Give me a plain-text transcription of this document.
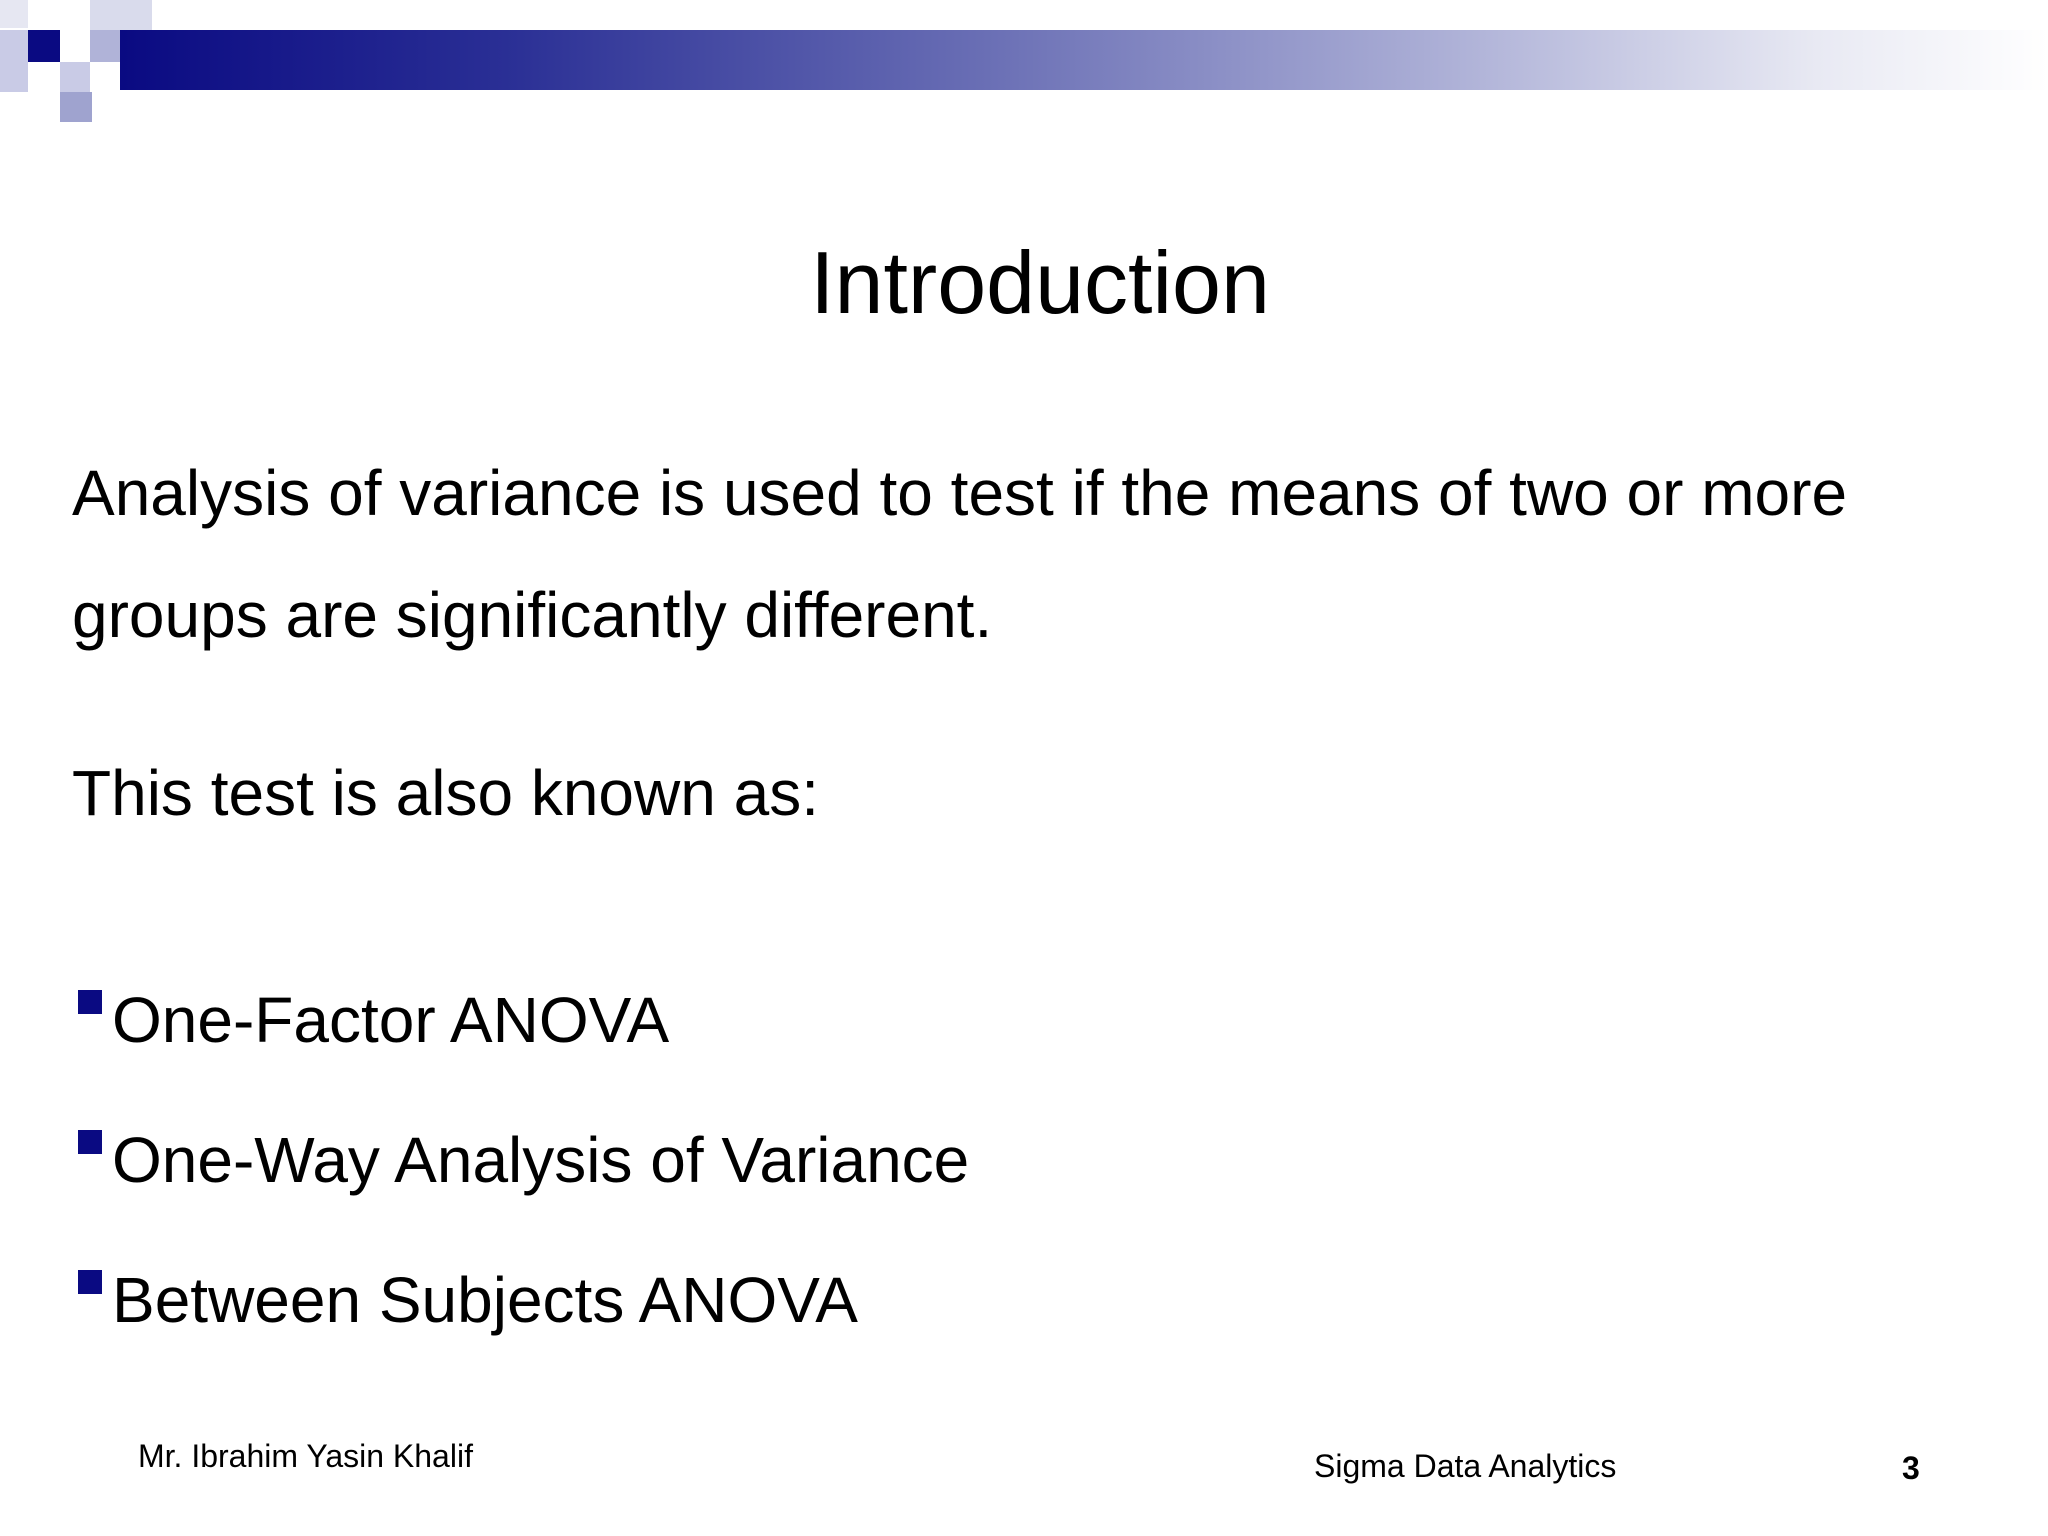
Introduction

Analysis of variance is used to test if the means of two or more groups are significantly different.

This test is also known as:

One-Factor ANOVA
One-Way Analysis of Variance
Between Subjects ANOVA
Mr. Ibrahim Yasin Khalif	Sigma Data Analytics	3
